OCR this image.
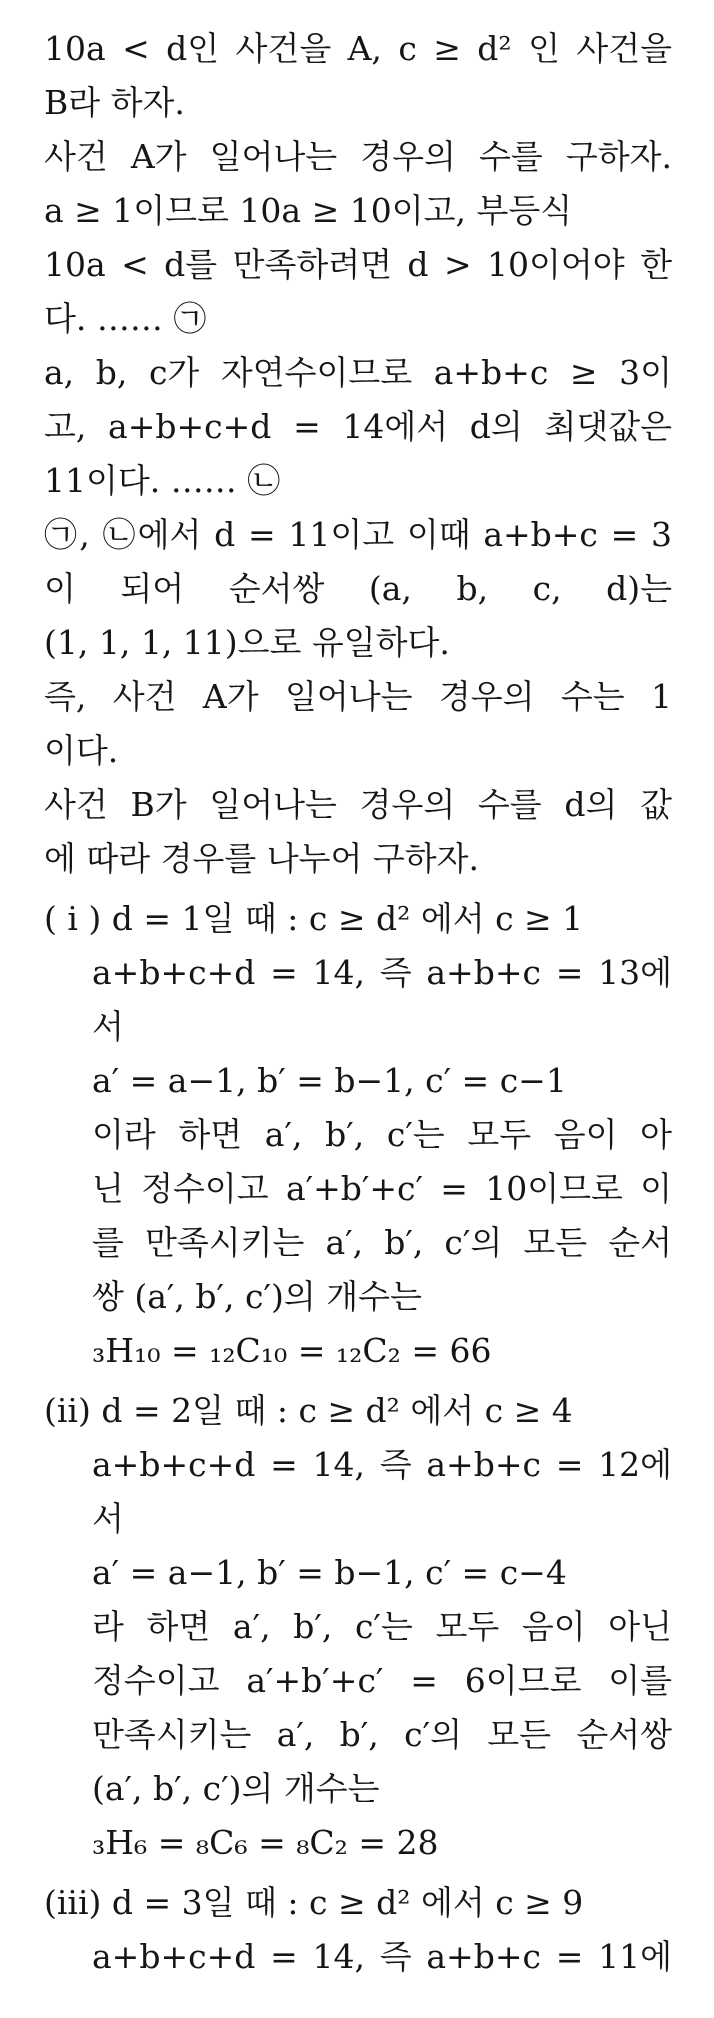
10a < d인 사건을 A, c ≥ d² 인 사건을
B라 하자.
사건 A가 일어나는 경우의 수를 구하자.
a ≥ 1이므로 10a ≥ 10이고, 부등식
10a < d를 만족하려면 d > 10이어야 한
다. …… ㉠
a, b, c가 자연수이므로 a+b+c ≥ 3이
고, a+b+c+d = 14에서 d의 최댓값은
11이다. …… ㉡
㉠, ㉡에서 d = 11이고 이때 a+b+c = 3
이 되어 순서쌍 (a, b, c, d)는
(1, 1, 1, 11)으로 유일하다.
즉, 사건 A가 일어나는 경우의 수는 1
이다.
사건 B가 일어나는 경우의 수를 d의 값
에 따라 경우를 나누어 구하자.
( i ) d = 1일 때 : c ≥ d² 에서 c ≥ 1
a+b+c+d = 14, 즉 a+b+c = 13에
서
a′ = a−1, b′ = b−1, c′ = c−1
이라 하면 a′, b′, c′는 모두 음이 아
닌 정수이고 a′+b′+c′ = 10이므로 이
를 만족시키는 a′, b′, c′의 모든 순서
쌍 (a′, b′, c′)의 개수는
₃H₁₀ = ₁₂C₁₀ = ₁₂C₂ = 66
(ii) d = 2일 때 : c ≥ d² 에서 c ≥ 4
a+b+c+d = 14, 즉 a+b+c = 12에
서
a′ = a−1, b′ = b−1, c′ = c−4
라 하면 a′, b′, c′는 모두 음이 아닌
정수이고 a′+b′+c′ = 6이므로 이를
만족시키는 a′, b′, c′의 모든 순서쌍
(a′, b′, c′)의 개수는
₃H₆ = ₈C₆ = ₈C₂ = 28
(iii) d = 3일 때 : c ≥ d² 에서 c ≥ 9
a+b+c+d = 14, 즉 a+b+c = 11에
